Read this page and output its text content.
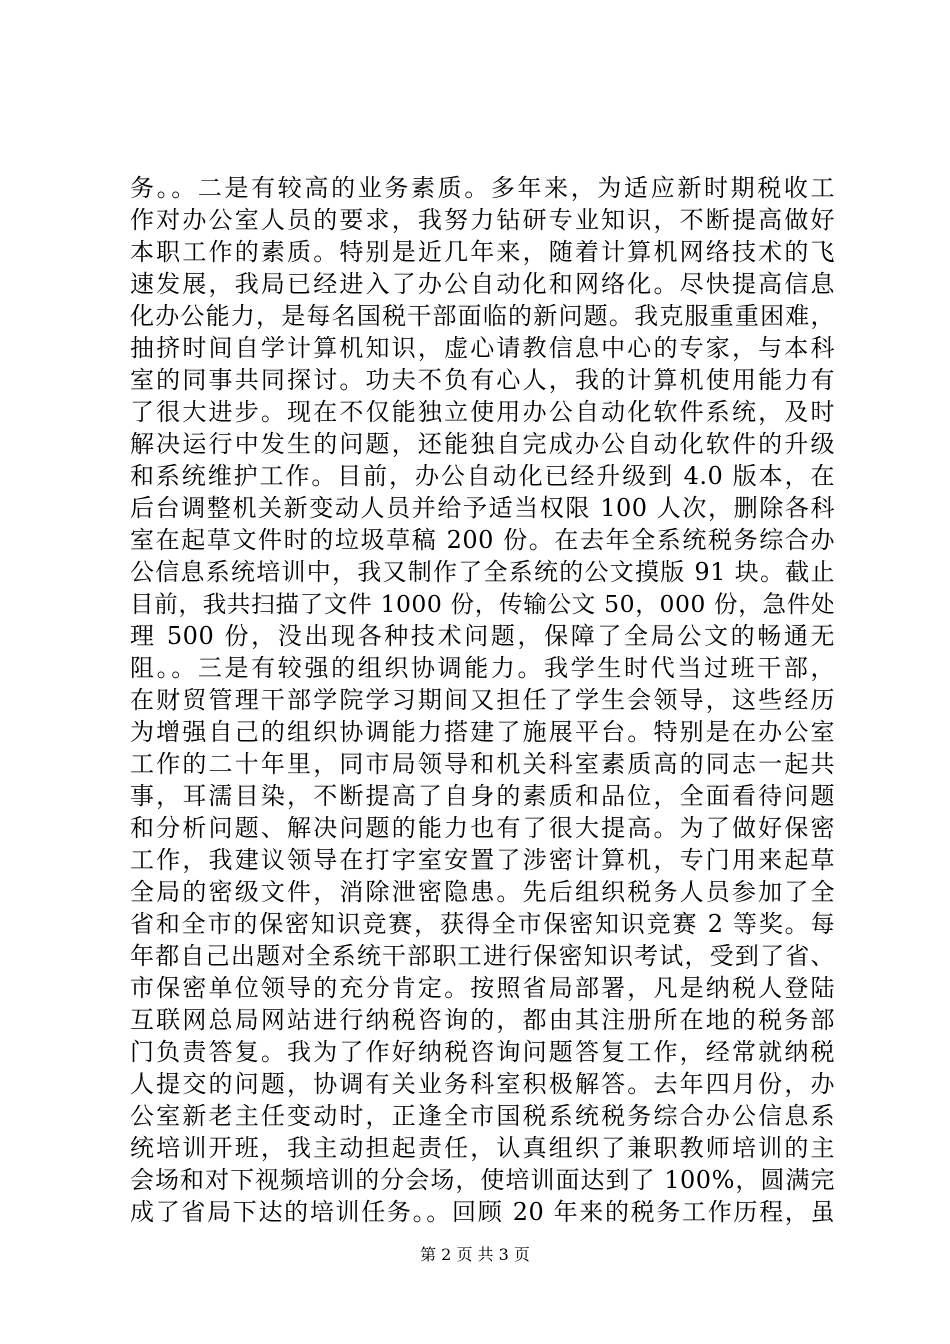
务。。二是有较高的业务素质。多年来，为适应新时期税收工
作对办公室人员的要求，我努力钻研专业知识，不断提高做好
本职工作的素质。特别是近几年来，随着计算机网络技术的飞
速发展，我局已经进入了办公自动化和网络化。尽快提高信息
化办公能力，是每名国税干部面临的新问题。我克服重重困难，
抽挤时间自学计算机知识，虚心请教信息中心的专家，与本科
室的同事共同探讨。功夫不负有心人，我的计算机使用能力有
了很大进步。现在不仅能独立使用办公自动化软件系统，及时
解决运行中发生的问题，还能独自完成办公自动化软件的升级
和系统维护工作。目前，办公自动化已经升级到 4.0 版本，在
后台调整机关新变动人员并给予适当权限 100 人次，删除各科
室在起草文件时的垃圾草稿 200 份。在去年全系统税务综合办
公信息系统培训中，我又制作了全系统的公文摸版 91 块。截止
目前，我共扫描了文件 1000 份，传输公文 50，000 份，急件处
理 500 份，没出现各种技术问题，保障了全局公文的畅通无
阻。。三是有较强的组织协调能力。我学生时代当过班干部，
在财贸管理干部学院学习期间又担任了学生会领导，这些经历
为增强自己的组织协调能力搭建了施展平台。特别是在办公室
工作的二十年里，同市局领导和机关科室素质高的同志一起共
事，耳濡目染，不断提高了自身的素质和品位，全面看待问题
和分析问题、解决问题的能力也有了很大提高。为了做好保密
工作，我建议领导在打字室安置了涉密计算机，专门用来起草
全局的密级文件，消除泄密隐患。先后组织税务人员参加了全
省和全市的保密知识竞赛，获得全市保密知识竞赛 2 等奖。每
年都自己出题对全系统干部职工进行保密知识考试，受到了省、
市保密单位领导的充分肯定。按照省局部署，凡是纳税人登陆
互联网总局网站进行纳税咨询的，都由其注册所在地的税务部
门负责答复。我为了作好纳税咨询问题答复工作，经常就纳税
人提交的问题，协调有关业务科室积极解答。去年四月份，办
公室新老主任变动时，正逢全市国税系统税务综合办公信息系
统培训开班，我主动担起责任，认真组织了兼职教师培训的主
会场和对下视频培训的分会场，使培训面达到了 100%，圆满完
成了省局下达的培训任务。。回顾 20 年来的税务工作历程，虽
第 2 页 共 3 页
